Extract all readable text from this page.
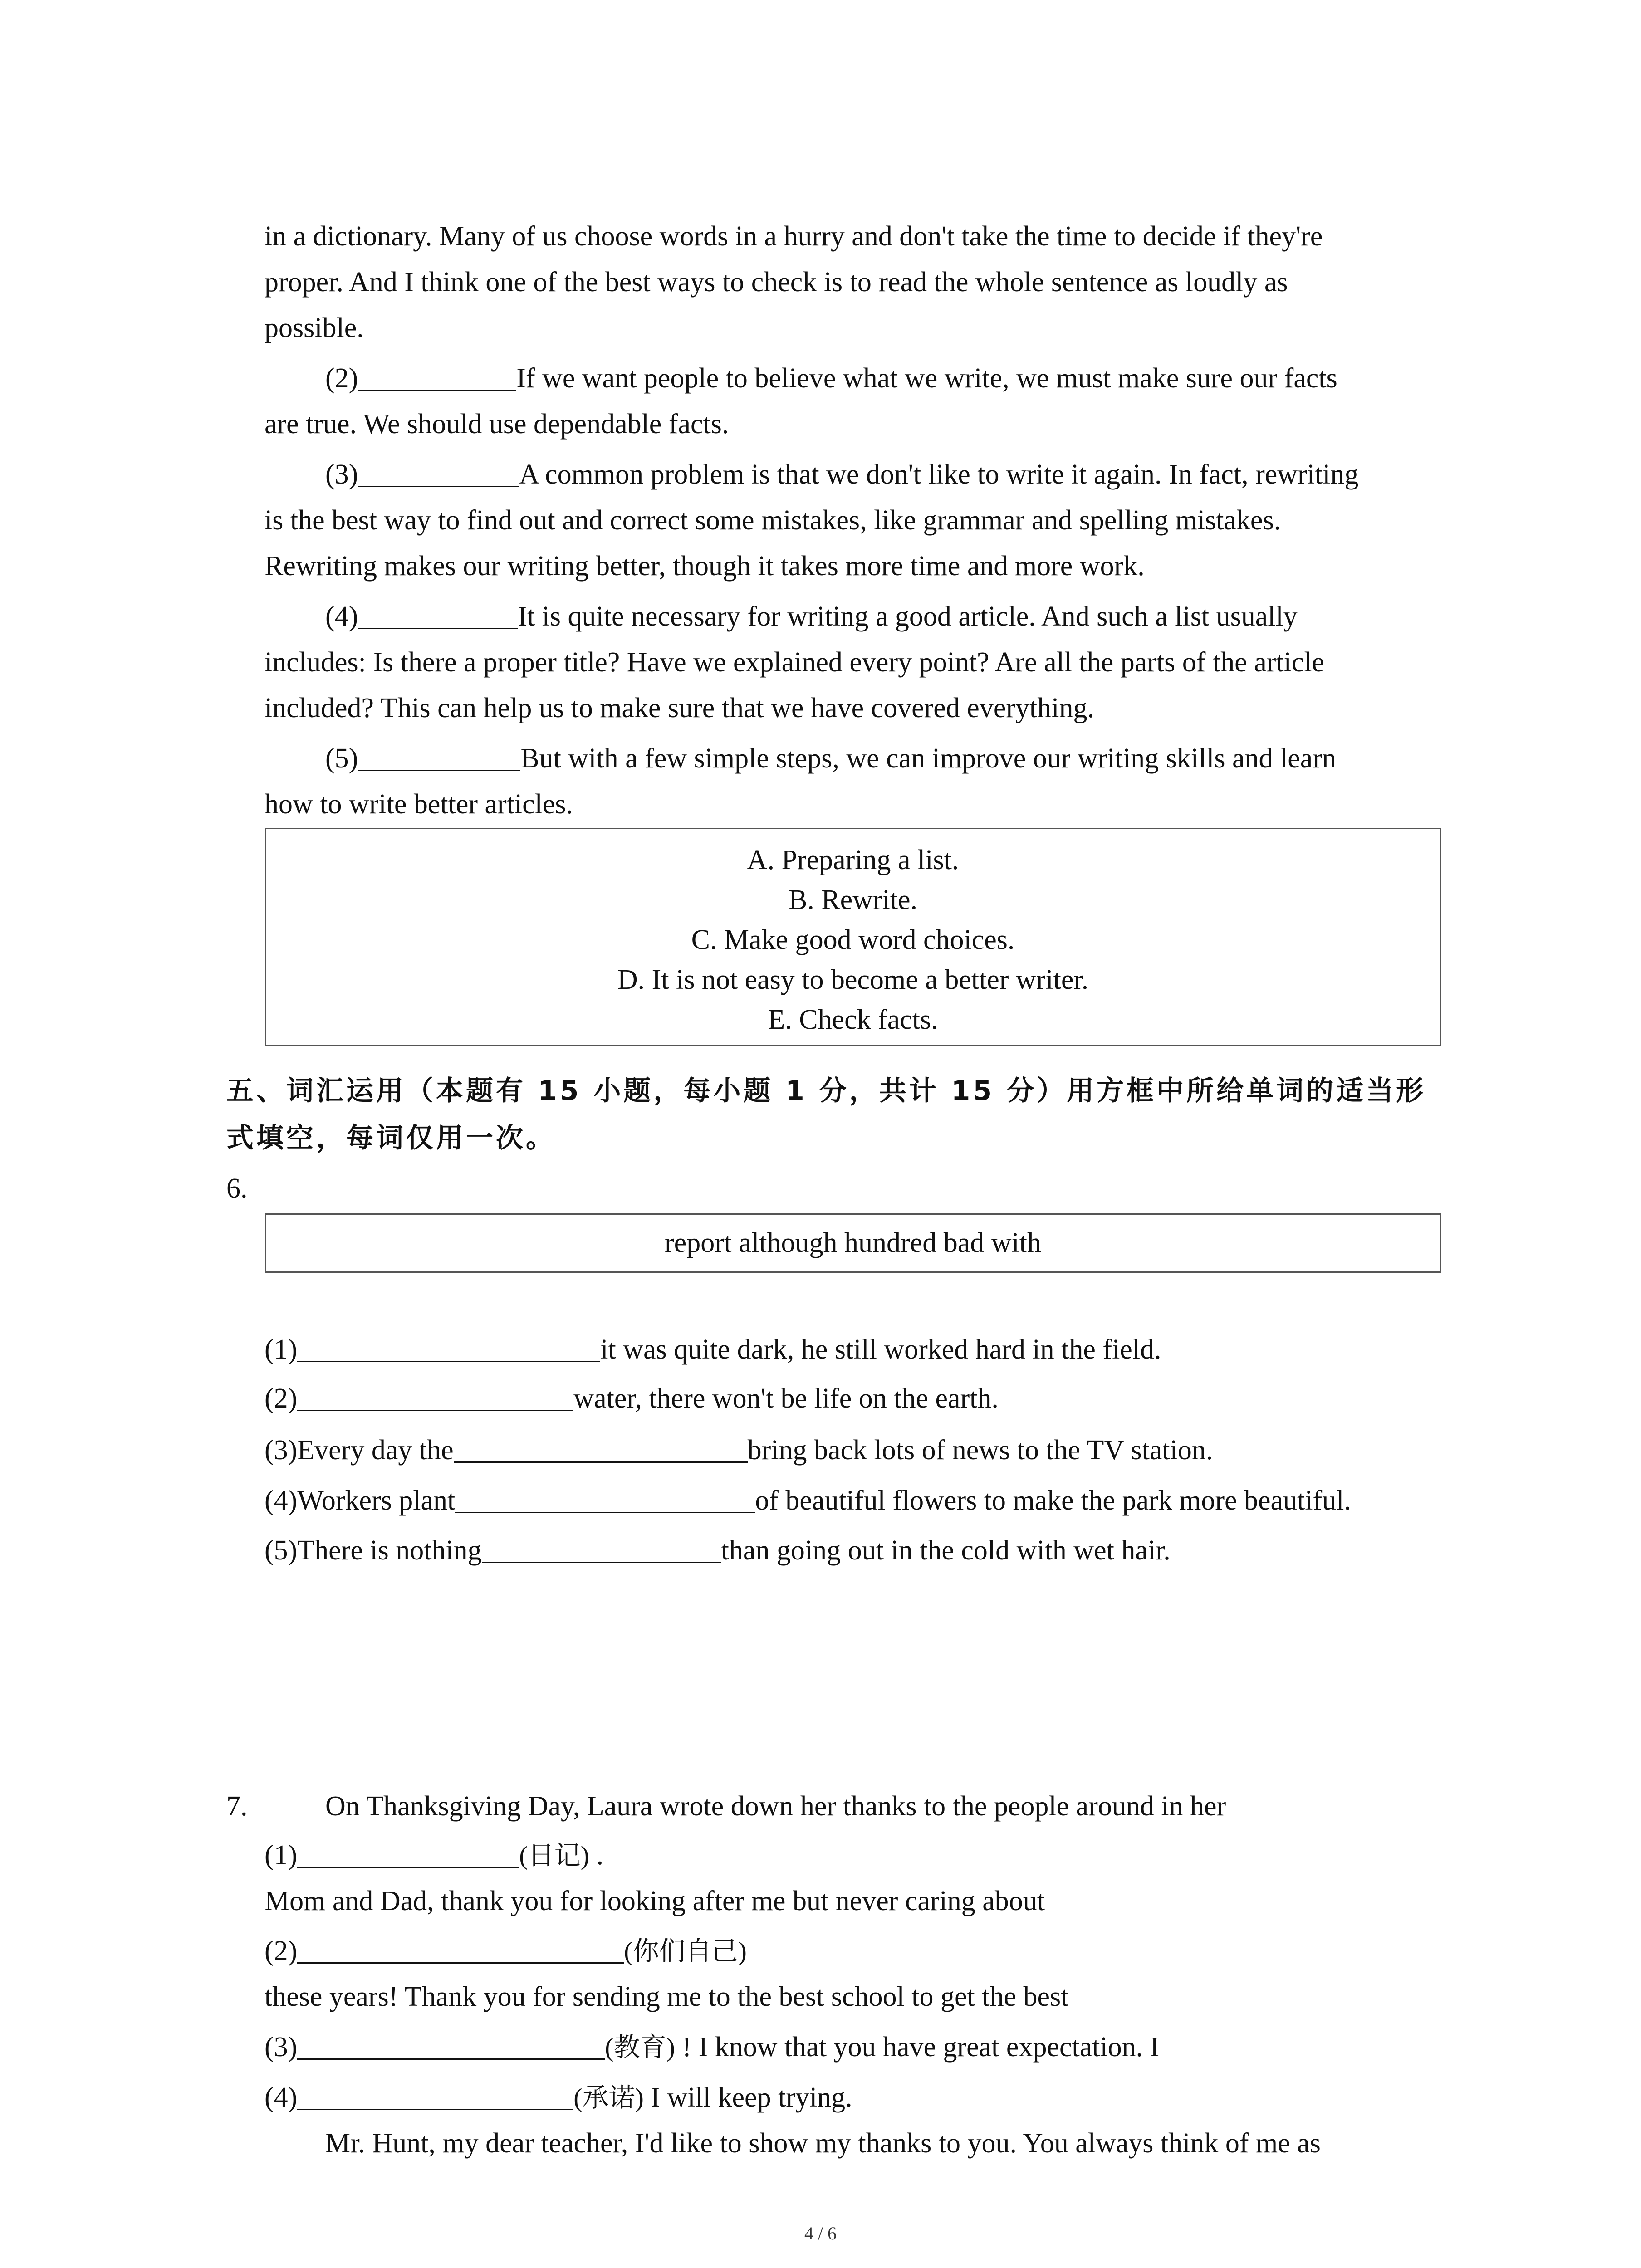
in a dictionary. Many of us choose words in a hurry and don't take the time to decide if they're
proper. And I think one of the best ways to check is to read the whole sentence as loudly as
possible.
(2)	If we want people to believe what we write, we must make sure our facts
are true. We should use dependable facts.
(3)	A common problem is that we don't like to write it again. In fact, rewriting
is the best way to find out and correct some mistakes, like grammar and spelling mistakes.
Rewriting makes our writing better, though it takes more time and more work.
(4)	It is quite necessary for writing a good article. And such a list usually
includes: Is there a proper title? Have we explained every point? Are all the parts of the article
included? This can help us to make sure that we have covered everything.
(5)	But with a few simple steps, we can improve our writing skills and learn
how to write better articles.
A. Preparing a list.
B. Rewrite.
C. Make good word choices.
D. It is not easy to become a better writer.
E. Check facts.
五、词汇运用（本题有 15 小题，每小题 1 分，共计 15 分）用方框中所给单词的适当形
式填空，每词仅用一次。
6.
report although hundred bad with
(1)	it was quite dark, he still worked hard in the field.
(2)	water, there won't be life on the earth.
(3)Every day the	bring back lots of news to the TV station.
(4)Workers plant	of beautiful flowers to make the park more beautiful.
(5)There is nothing	than going out in the cold with wet hair.
7.	On Thanksgiving Day, Laura wrote down her thanks to the people around in her
(1)	(日记) .
Mom and Dad, thank you for looking after me but never caring about
(2)	(你们自己)
these years! Thank you for sending me to the best school to get the best
(3)	(教育) ! I know that you have great expectation. I
(4)	(承诺) I will keep trying.
Mr. Hunt, my dear teacher, I'd like to show my thanks to you. You always think of me as
4 / 6
